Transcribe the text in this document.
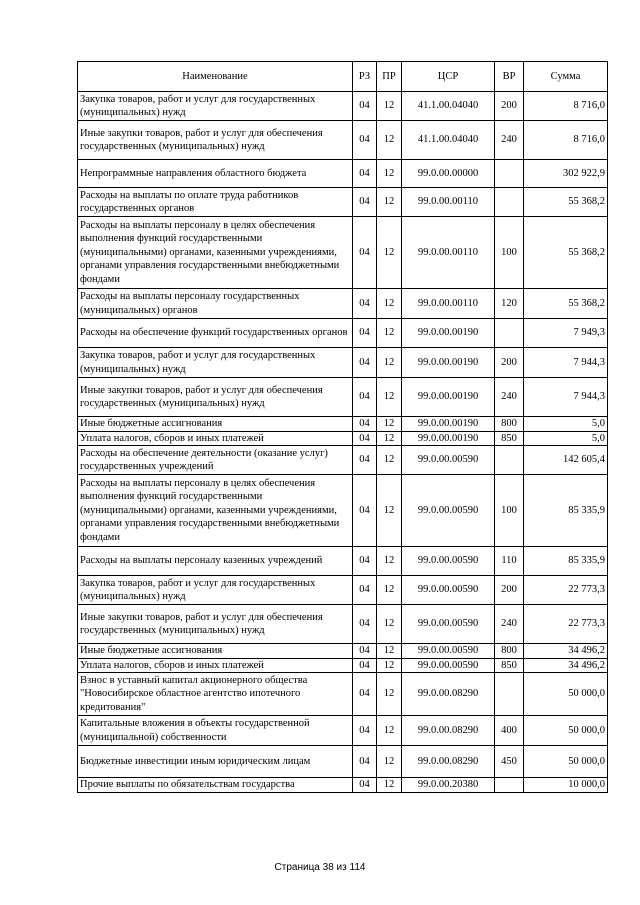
Наименование	РЗ	ПР	ЦСР	ВР	Сумма
Закупка товаров, работ и услуг для государственных (муниципальных) нужд	04	12	41.1.00.04040	200	8 716,0
Иные закупки товаров, работ и услуг для обеспечения государственных (муниципальных) нужд	04	12	41.1.00.04040	240	8 716,0
Непрограммные направления областного бюджета	04	12	99.0.00.00000		302 922,9
Расходы на выплаты по оплате труда работников государственных органов	04	12	99.0.00.00110		55 368,2
Расходы на выплаты персоналу в целях обеспечения выполнения функций государственными (муниципальными) органами, казенными учреждениями, органами управления государственными внебюджетными фондами	04	12	99.0.00.00110	100	55 368,2
Расходы на выплаты персоналу государственных (муниципальных) органов	04	12	99.0.00.00110	120	55 368,2
Расходы на обеспечение функций государственных органов	04	12	99.0.00.00190		7 949,3
Закупка товаров, работ и услуг для государственных (муниципальных) нужд	04	12	99.0.00.00190	200	7 944,3
Иные закупки товаров, работ и услуг для обеспечения государственных (муниципальных) нужд	04	12	99.0.00.00190	240	7 944,3
Иные бюджетные ассигнования	04	12	99.0.00.00190	800	5,0
Уплата налогов, сборов и иных платежей	04	12	99.0.00.00190	850	5,0
Расходы на обеспечение деятельности (оказание услуг) государственных учреждений	04	12	99.0.00.00590		142 605,4
Расходы на выплаты персоналу в целях обеспечения выполнения функций государственными (муниципальными) органами, казенными учреждениями, органами управления государственными внебюджетными фондами	04	12	99.0.00.00590	100	85 335,9
Расходы на выплаты персоналу казенных учреждений	04	12	99.0.00.00590	110	85 335,9
Закупка товаров, работ и услуг для государственных (муниципальных) нужд	04	12	99.0.00.00590	200	22 773,3
Иные закупки товаров, работ и услуг для обеспечения государственных (муниципальных) нужд	04	12	99.0.00.00590	240	22 773,3
Иные бюджетные ассигнования	04	12	99.0.00.00590	800	34 496,2
Уплата налогов, сборов и иных платежей	04	12	99.0.00.00590	850	34 496,2
Взнос в уставный капитал акционерного общества "Новосибирское областное агентство ипотечного кредитования"	04	12	99.0.00.08290		50 000,0
Капитальные вложения в объекты государственной (муниципальной) собственности	04	12	99.0.00.08290	400	50 000,0
Бюджетные инвестиции иным юридическим лицам	04	12	99.0.00.08290	450	50 000,0
Прочие выплаты по обязательствам государства	04	12	99.0.00.20380		10 000,0
Страница 38 из 114
